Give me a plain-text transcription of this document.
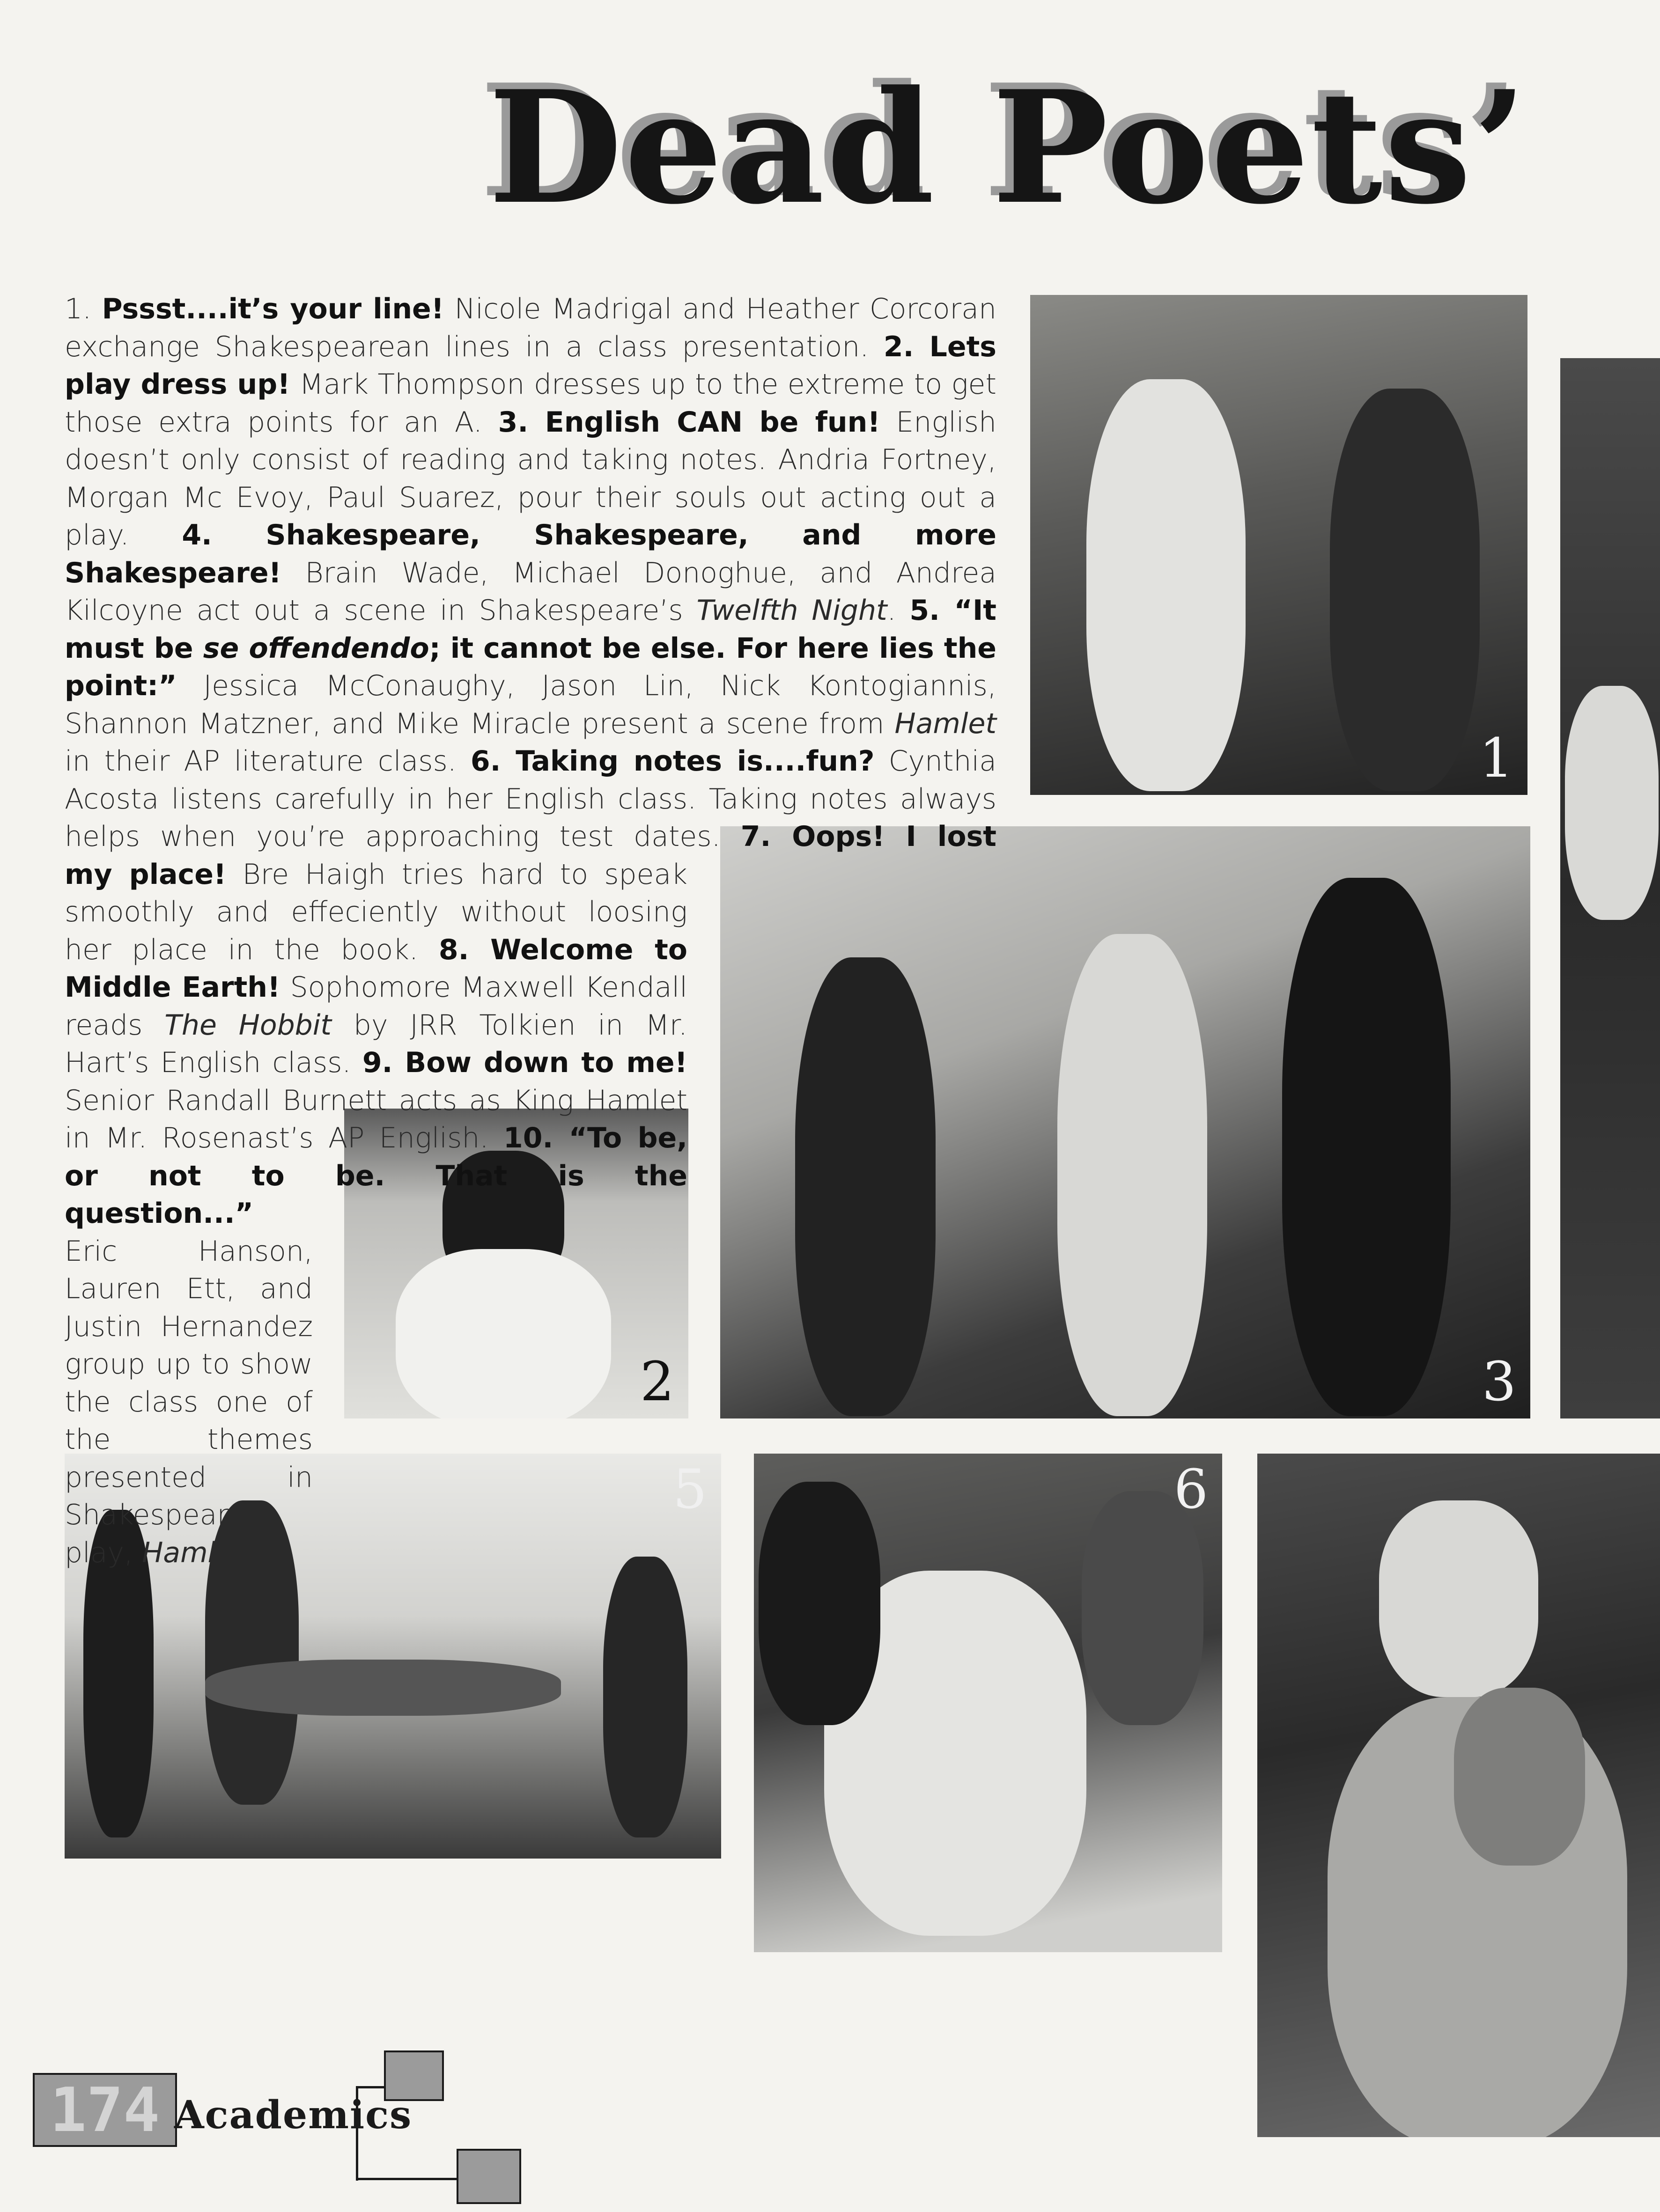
Dead Poets’
1
3
2
5	6
1. Pssst....it’s your line! Nicole Madrigal and Heather Corcoran exchange Shakespearean lines in a class presentation. 2. Lets play dress up! Mark Thompson dresses up to the extreme to get those extra points for an A. 3. English CAN be fun! English doesn’t only consist of reading and taking notes. Andria Fortney, Morgan Mc Evoy, Paul Suarez, pour their souls out acting out a play. 4. Shakespeare, Shakespeare, and more Shakespeare! Brain Wade, Michael Donoghue, and Andrea Kilcoyne act out a scene in Shakespeare’s Twelfth Night. 5. “It must be se offendendo; it cannot be else. For here lies the point:” Jessica McConaughy, Jason Lin, Nick Kontogiannis, Shannon Matzner, and Mike Miracle present a scene from Hamlet in their AP literature class. 6. Taking notes is....fun? Cynthia Acosta listens carefully in her English class. Taking notes always helps when you’re approaching test dates. 7. Oops! I lost
my place! Bre Haigh tries hard to speak smoothly and effeciently without loosing her place in the book. 8. Welcome to Middle Earth! Sophomore Maxwell Kendall reads The Hobbit by JRR Tolkien in Mr. Hart’s English class. 9. Bow down to me! Senior Randall Burnett acts as King Hamlet in Mr. Rosenast’s AP English. 10. “To be, or not to be. That is the
question...” Eric Hanson, Lauren Ett, and Justin Hernandez group up to show the class one of the themes presented in Shakespeare’s play, Hamlet.
174 Academics
